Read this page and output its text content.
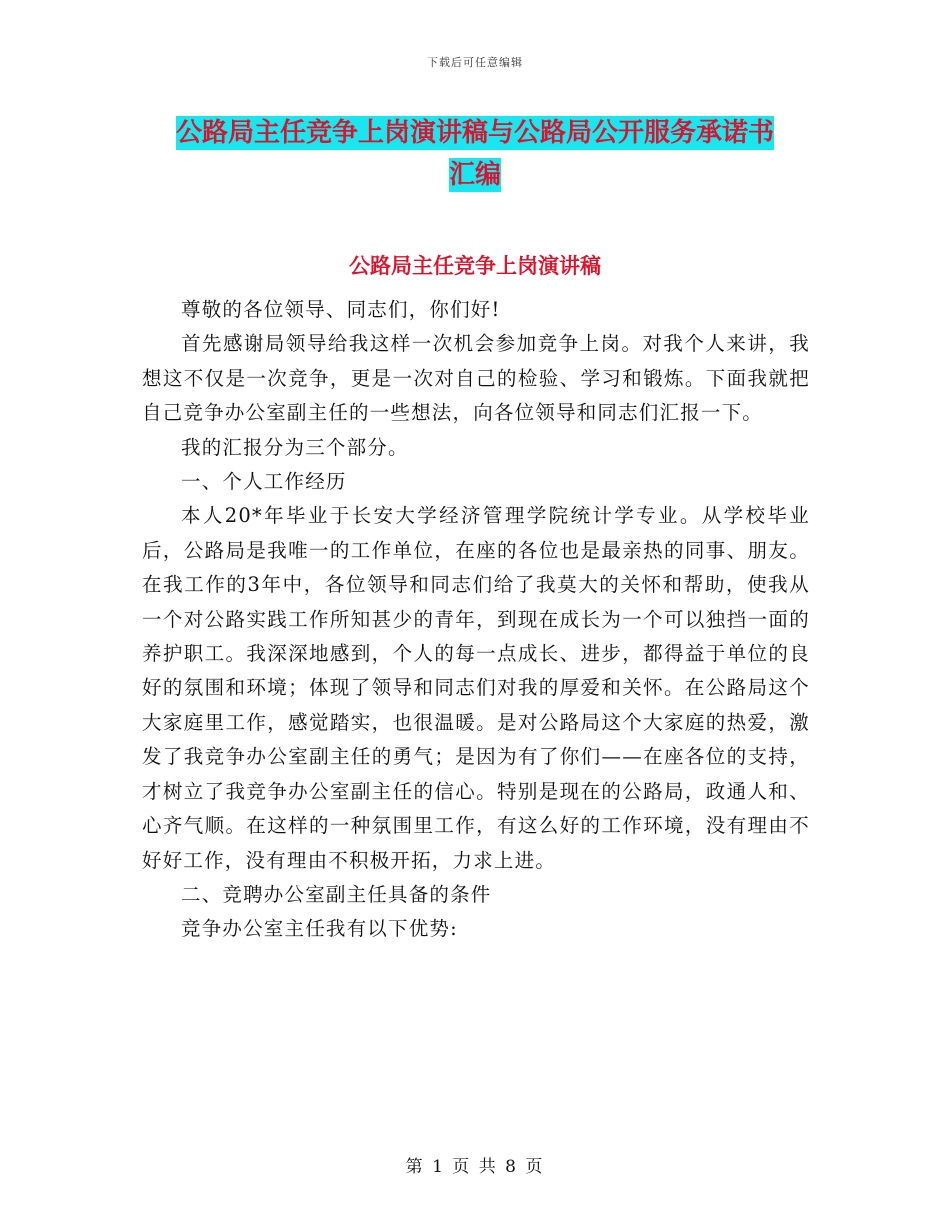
下载后可任意编辑
公路局主任竞争上岗演讲稿与公路局公开服务承诺书
汇编
公路局主任竞争上岗演讲稿

尊敬的各位领导、同志们，你们好!

首先感谢局领导给我这样一次机会参加竞争上岗。对我个人来讲，我想这不仅是一次竞争，更是一次对自己的检验、学习和锻炼。下面我就把自己竞争办公室副主任的一些想法，向各位领导和同志们汇报一下。

我的汇报分为三个部分。

一、个人工作经历

本人20*年毕业于长安大学经济管理学院统计学专业。从学校毕业后，公路局是我唯一的工作单位，在座的各位也是最亲热的同事、朋友。在我工作的3年中，各位领导和同志们给了我莫大的关怀和帮助，使我从一个对公路实践工作所知甚少的青年，到现在成长为一个可以独挡一面的养护职工。我深深地感到，个人的每一点成长、进步，都得益于单位的良好的氛围和环境；体现了领导和同志们对我的厚爱和关怀。在公路局这个大家庭里工作，感觉踏实，也很温暖。是对公路局这个大家庭的热爱，激发了我竞争办公室副主任的勇气；是因为有了你们——在座各位的支持，才树立了我竞争办公室副主任的信心。特别是现在的公路局，政通人和、心齐气顺。在这样的一种氛围里工作，有这么好的工作环境，没有理由不好好工作，没有理由不积极开拓，力求上进。

二、竞聘办公室副主任具备的条件

竞争办公室主任我有以下优势:

第 1 页 共 8 页
